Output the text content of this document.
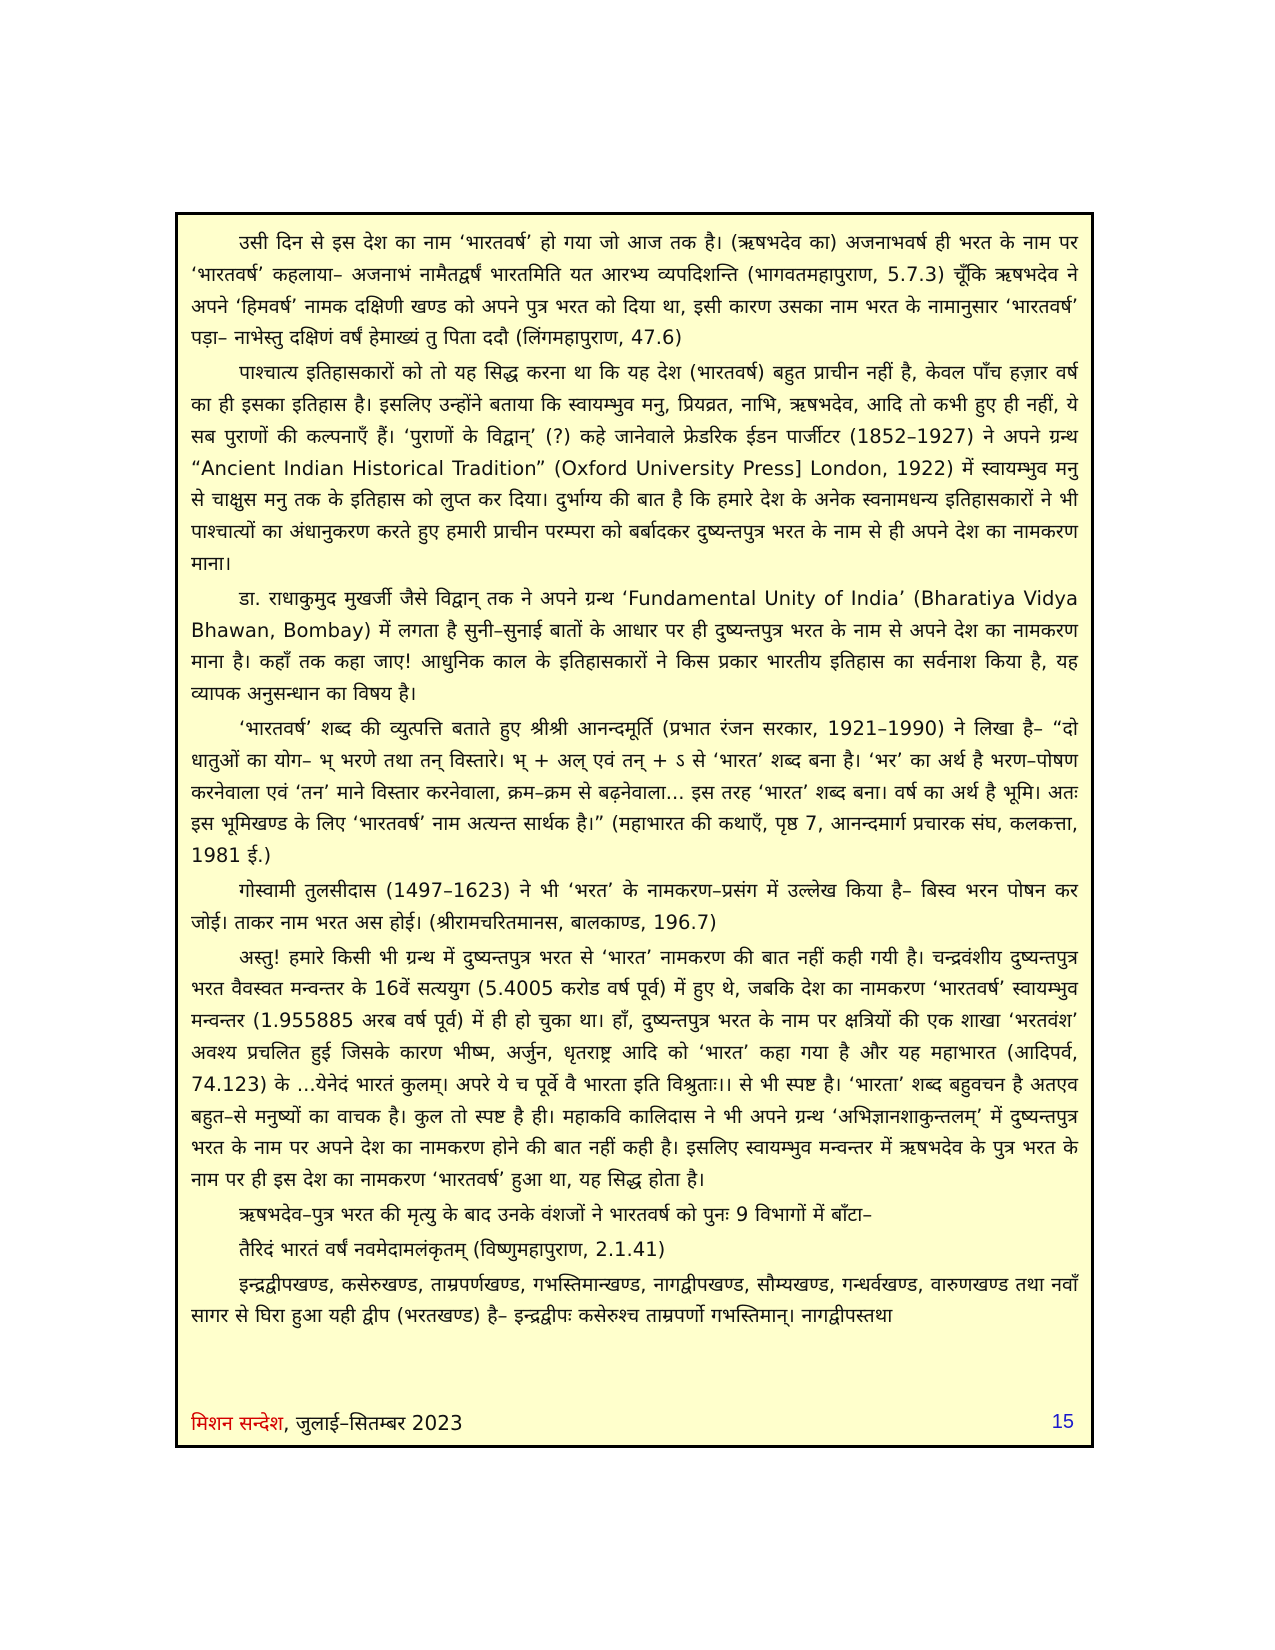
उसी दिन से इस देश का नाम ‘भारतवर्ष’ हो गया जो आज तक है। (ऋषभदेव का) अजनाभवर्ष ही भरत के नाम पर ‘भारतवर्ष’ कहलाया– अजनाभं नामैतद्वर्षं भारतमिति यत आरभ्य व्यपदिशन्ति (भागवतमहापुराण, 5.7.3) चूँकि ऋषभदेव ने अपने ‘हिमवर्ष’ नामक दक्षिणी खण्ड को अपने पुत्र भरत को दिया था, इसी कारण उसका नाम भरत के नामानुसार ‘भारतवर्ष’ पड़ा– नाभेस्तु दक्षिणं वर्षं हेमाख्यं तु पिता ददौ (लिंगमहापुराण, 47.6)

पाश्चात्य इतिहासकारों को तो यह सिद्ध करना था कि यह देश (भारतवर्ष) बहुत प्राचीन नहीं है, केवल पाँच हज़ार वर्ष का ही इसका इतिहास है। इसलिए उन्होंने बताया कि स्वायम्भुव मनु, प्रियव्रत, नाभि, ऋषभदेव, आदि तो कभी हुए ही नहीं, ये सब पुराणों की कल्पनाएँ हैं। ‘पुराणों के विद्वान्’ (?) कहे जानेवाले फ्रेडरिक ईडन पार्जीटर (1852–1927) ने अपने ग्रन्थ “Ancient Indian Historical Tradition” (Oxford University Press] London, 1922) में स्वायम्भुव मनु से चाक्षुस मनु तक के इतिहास को लुप्त कर दिया। दुर्भाग्य की बात है कि हमारे देश के अनेक स्वनामधन्य इतिहासकारों ने भी पाश्चात्यों का अंधानुकरण करते हुए हमारी प्राचीन परम्परा को बर्बादकर दुष्यन्तपुत्र भरत के नाम से ही अपने देश का नामकरण माना।

डा. राधाकुमुद मुखर्जी जैसे विद्वान् तक ने अपने ग्रन्थ ‘Fundamental Unity of India’ (Bharatiya Vidya Bhawan, Bombay) में लगता है सुनी–सुनाई बातों के आधार पर ही दुष्यन्तपुत्र भरत के नाम से अपने देश का नामकरण माना है। कहाँ तक कहा जाए! आधुनिक काल के इतिहासकारों ने किस प्रकार भारतीय इतिहास का सर्वनाश किया है, यह व्यापक अनुसन्धान का विषय है।

‘भारतवर्ष’ शब्द की व्युत्पत्ति बताते हुए श्रीश्री आनन्दमूर्ति (प्रभात रंजन सरकार, 1921–1990) ने लिखा है– “दो धातुओं का योग– भ् भरणे तथा तन् विस्तारे। भ् + अल् एवं तन् + ऽ से ‘भारत’ शब्द बना है। ‘भर’ का अर्थ है भरण–पोषण करनेवाला एवं ‘तन’ माने विस्तार करनेवाला, क्रम–क्रम से बढ़नेवाला... इस तरह ‘भारत’ शब्द बना। वर्ष का अर्थ है भूमि। अतः इस भूमिखण्ड के लिए ‘भारतवर्ष’ नाम अत्यन्त सार्थक है।” (महाभारत की कथाएँ, पृष्ठ 7, आनन्दमार्ग प्रचारक संघ, कलकत्ता, 1981 ई.)

गोस्वामी तुलसीदास (1497–1623) ने भी ‘भरत’ के नामकरण–प्रसंग में उल्लेख किया है– बिस्व भरन पोषन कर जोई। ताकर नाम भरत अस होई। (श्रीरामचरितमानस, बालकाण्ड, 196.7)

अस्तु! हमारे किसी भी ग्रन्थ में दुष्यन्तपुत्र भरत से ‘भारत’ नामकरण की बात नहीं कही गयी है। चन्द्रवंशीय दुष्यन्तपुत्र भरत वैवस्वत मन्वन्तर के 16वें सत्ययुग (5.4005 करोड वर्ष पूर्व) में हुए थे, जबकि देश का नामकरण ‘भारतवर्ष’ स्वायम्भुव मन्वन्तर (1.955885 अरब वर्ष पूर्व) में ही हो चुका था। हाँ, दुष्यन्तपुत्र भरत के नाम पर क्षत्रियों की एक शाखा ‘भरतवंश’ अवश्य प्रचलित हुई जिसके कारण भीष्म, अर्जुन, धृतराष्ट्र आदि को ‘भारत’ कहा गया है और यह महाभारत (आदिपर्व, 74.123) के ...येनेदं भारतं कुलम्। अपरे ये च पूर्वे वै भारता इति विश्रुताः।। से भी स्पष्ट है। ‘भारता’ शब्द बहुवचन है अतएव बहुत–से मनुष्यों का वाचक है। कुल तो स्पष्ट है ही। महाकवि कालिदास ने भी अपने ग्रन्थ ‘अभिज्ञानशाकुन्तलम्’ में दुष्यन्तपुत्र भरत के नाम पर अपने देश का नामकरण होने की बात नहीं कही है। इसलिए स्वायम्भुव मन्वन्तर में ऋषभदेव के पुत्र भरत के नाम पर ही इस देश का नामकरण ‘भारतवर्ष’ हुआ था, यह सिद्ध होता है।

ऋषभदेव–पुत्र भरत की मृत्यु के बाद उनके वंशजों ने भारतवर्ष को पुनः 9 विभागों में बाँटा–

तैरिदं भारतं वर्षं नवमेदामलंकृतम् (विष्णुमहापुराण, 2.1.41)

इन्द्रद्वीपखण्ड, कसेरुखण्ड, ताम्रपर्णखण्ड, गभस्तिमान्खण्ड, नागद्वीपखण्ड, सौम्यखण्ड, गन्धर्वखण्ड, वारुणखण्ड तथा नवाँ सागर से घिरा हुआ यही द्वीप (भरतखण्ड) है– इन्द्रद्वीपः कसेरुश्च ताम्रपर्णो गभस्तिमान्। नागद्वीपस्तथा

मिशन सन्देश, जुलाई–सितम्बर 2023	15
